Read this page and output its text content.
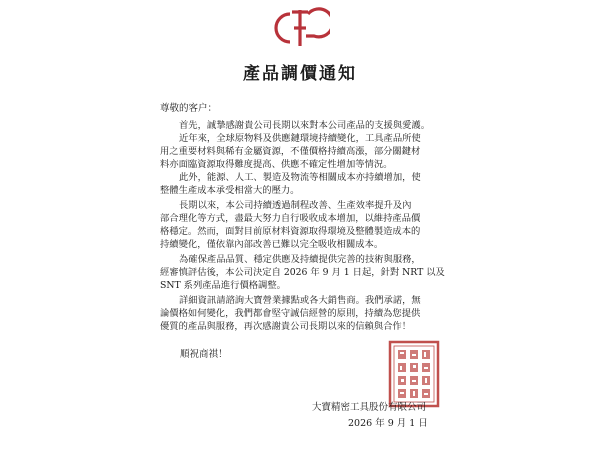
產品調價通知
尊敬的客户：

首先，誠摯感謝貴公司長期以來對本公司產品的支援與愛護。

近年來，全球原物料及供應鏈環境持續變化，工具產品所使
用之重要材料與稀有金屬資源，不僅價格持續高漲，部分關鍵材
料亦面臨資源取得難度提高、供應不確定性增加等情況。

此外，能源、人工、製造及物流等相關成本亦持續增加，使
整體生產成本承受相當大的壓力。

長期以來，本公司持續透過制程改善、生產效率提升及內
部合理化等方式，盡最大努力自行吸收成本增加，以維持產品價
格穩定。然而，面對目前原材料資源取得環境及整體製造成本的
持續變化，僅依靠內部改善已難以完全吸收相關成本。

為確保產品品質、穩定供應及持續提供完善的技術與服務，
經審慎評估後，本公司決定自 2026 年 9 月 1 日起，針對 NRT 以及
SNT 系列產品進行價格調整。

詳細資訊請諮詢大寶營業據點或各大銷售商。我們承諾，無
論價格如何變化，我們都會堅守誠信經營的原則，持續為您提供
優質的產品與服務，再次感謝貴公司長期以來的信賴與合作！

順祝商祺！
大寶精密工具股份有限公司
2026 年 9 月 1 日
